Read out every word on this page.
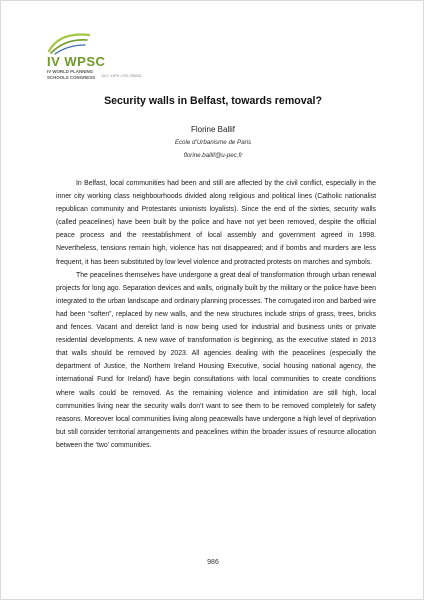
IV WPSC
IV WORLD PLANNING
SCHOOLS CONGRESS JULY 4-8TH • RIO, BRAZIL
Security walls in Belfast, towards removal?

Florine Ballif

Ecole d’Urbanisme de Paris

florine.ballif@u-pec.fr

In Belfast, local communities had been and still are affected by the civil conflict, especially in the inner city working class neighbourhoods divided along religious and political lines (Catholic nationalist republican community and Protestants unionists loyalists). Since the end of the sixties, security walls (called peacelines) have been built by the police and have not yet been removed, despite the official peace process and the reestablishment of local assembly and government agreed in 1998. Nevertheless, tensions remain high, violence has not disappeared; and if bombs and murders are less frequent, it has been substituted by low level violence and protracted protests on marches and symbols.

The peacelines themselves have undergone a great deal of transformation through urban renewal projects for long ago. Separation devices and walls, originally built by the military or the police have been integrated to the urban landscape and ordinary planning processes. The corrugated iron and barbed wire had been “soften”, replaced by new walls, and the new structures include strips of grass, trees, bricks and fences. Vacant and derelict land is now being used for industrial and business units or private residential developments. A new wave of transformation is beginning, as the executive stated in 2013 that walls should be removed by 2023. All agencies dealing with the peacelines (especially the department of Justice, the Northern Ireland Housing Executive, social housing national agency, the international Fund for Ireland) have begin consultations with local communities to create conditions where walls could be removed. As the remaining violence and intimidation are still high, local communities living near the security walls don’t want to see them to be removed completely for safety reasons. Moreover local communities living along peacewalls have undergone a high level of deprivation but still consider territorial arrangements and peacelines within the broader issues of resource allocation between the ‘two’ communities.

986
